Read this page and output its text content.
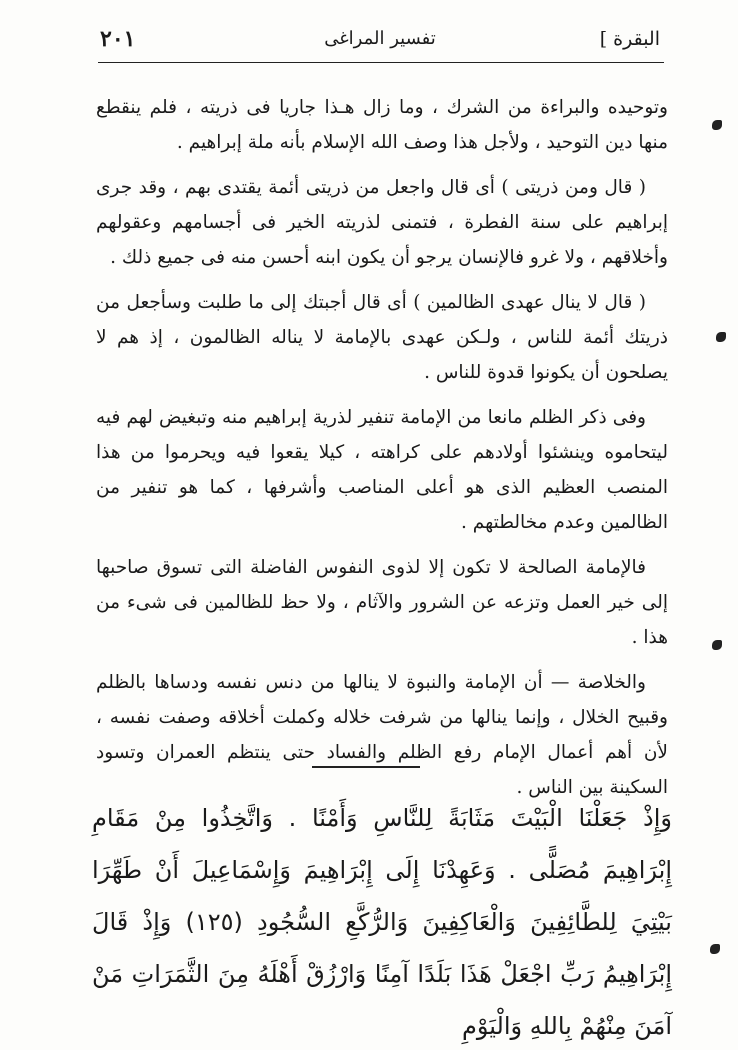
البقرة ]
تفسير المراغى
٢٠١

وتوحيده والبراءة من الشرك ، وما زال هـذا جاريا فى ذريته ، فلم ينقطع منها دين التوحيد ، ولأجل هذا وصف الله الإسلام بأنه ملة إبراهيم .

( قال ومن ذريتى ) أى قال واجعل من ذريتى أئمة يقتدى بهم ، وقد جرى إبراهيم على سنة الفطرة ، فتمنى لذريته الخير فى أجسامهم وعقولهم وأخلاقهم ، ولا غرو فالإنسان يرجو أن يكون ابنه أحسن منه فى جميع ذلك .

( قال لا ينال عهدى الظالمين ) أى قال أجبتك إلى ما طلبت وسأجعل من ذريتك أئمة للناس ، ولـكن عهدى بالإمامة لا يناله الظالمون ، إذ هم لا يصلحون أن يكونوا قدوة للناس .

وفى ذكر الظلم مانعا من الإمامة تنفير لذرية إبراهيم منه وتبغيض لهم فيه ليتحاموه وينشئوا أولادهم على كراهته ، كيلا يقعوا فيه ويحرموا من هذا المنصب العظيم الذى هو أعلى المناصب وأشرفها ، كما هو تنفير من الظالمين وعدم مخالطتهم .

فالإمامة الصالحة لا تكون إلا لذوى النفوس الفاضلة التى تسوق صاحبها إلى خير العمل وتزعه عن الشرور والآثام ، ولا حظ للظالمين فى شىء من هذا .

والخلاصة — أن الإمامة والنبوة لا ينالها من دنس نفسه ودساها بالظلم وقبيح الخلال ، وإنما ينالها من شرفت خلاله وكملت أخلاقه وصفت نفسه ، لأن أهم أعمال الإمام رفع الظلم والفساد حتى ينتظم العمران وتسود السكينة بين الناس .

وَإِذْ جَعَلْنَا الْبَيْتَ مَثَابَةً لِلنَّاسِ وَأَمْنًا . وَاتَّخِذُوا مِنْ مَقَامِ إِبْرَاهِيمَ مُصَلًّى . وَعَهِدْنَا إِلَى إِبْرَاهِيمَ وَإِسْمَاعِيلَ أَنْ طَهِّرَا بَيْتِيَ لِلطَّائِفِينَ وَالْعَاكِفِينَ وَالرُّكَّعِ السُّجُودِ (١٢٥) وَإِذْ قَالَ إِبْرَاهِيمُ رَبِّ اجْعَلْ هَذَا بَلَدًا آمِنًا وَارْزُقْ أَهْلَهُ مِنَ الثَّمَرَاتِ مَنْ آمَنَ مِنْهُمْ بِاللهِ وَالْيَوْمِ
